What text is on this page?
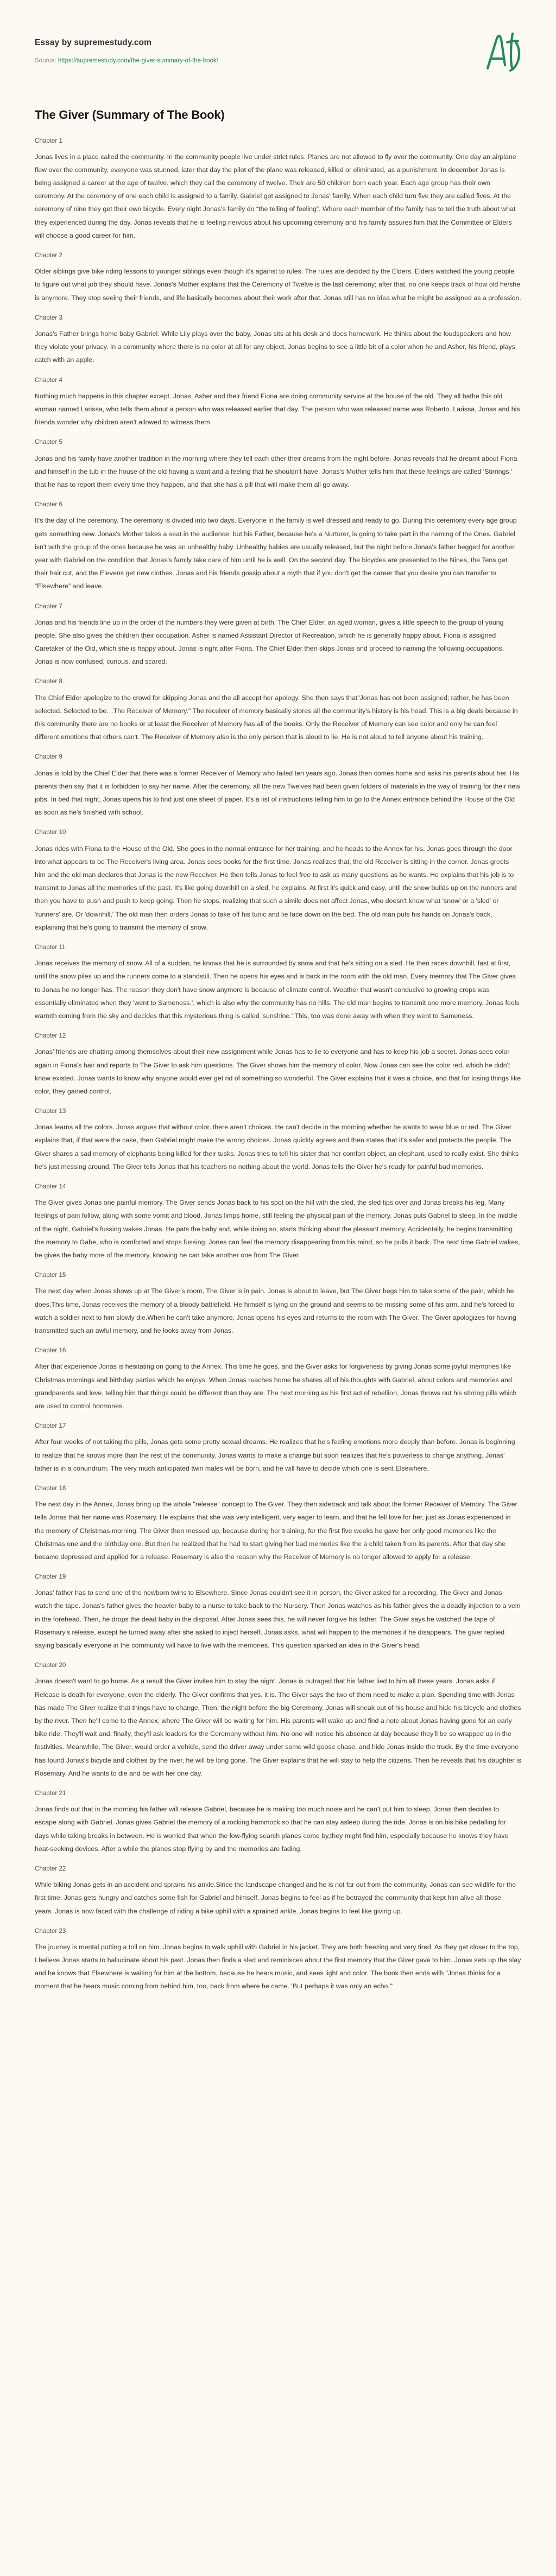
Essay by supremestudy.com
Source: https://supremestudy.com/the-giver-summary-of-the-book/
The Giver (Summary of The Book)
Chapter 1

Jonas lives in a place called the community. In the community people live under strict rules. Planes are not allowed to fly over the community. One day an airplane flew over the community, everyone was stunned, later that day the pilot of the plane was released, killed or eliminated, as a punishment. In december Jonas is being assigned a career at the age of twelve, which they call the ceremony of twelve. Their are 50 children born each year. Each age group has their own ceremony. At the ceremony of one each child is assigned to a family. Gabriel got assigned to Jonas' family. When each child turn five they are called fives. At the ceremony of nine they get their own bicycle. Every night Jonas's family do “the telling of feeling”. Where each member of the family has to tell the truth about what they experienced during the day. Jonas reveals that he is feeling nervous about his upcoming ceremony and his family assures him that the Committee of Elders will choose a good career for him.

Chapter 2

Older siblings give bike riding lessons to younger siblings even though it's against to rules. The rules are decided by the Elders. Elders watched the young people to figure out what job they should have. Jonas's Mother explains that the Ceremony of Twelve is the last ceremony; after that, no one keeps track of how old he/she is anymore. They stop seeing their friends, and life basically becomes about their work after that. Jonas still has no idea what he might be assigned as a profession.

Chapter 3

Jonas's Father brings home baby Gabriel. While Lily plays over the baby, Jonas sits at his desk and does homework. He thinks about the loudspeakers and how they violate your privacy. In a community where there is no color at all for any object, Jonas begins to see a little bit of a color when he and Asher, his friend, plays catch with an apple.

Chapter 4

Nothing much happens in this chapter except. Jonas, Asher and their friend Fiona are doing community service at the house of the old. They all bathe this old woman named Larissa, who tells them about a person who was released earlier that day. The person who was released name was Roberto. Larissa, Jonas and his friends wonder why children aren't allowed to witness them.

Chapter 5

Jonas and his family have another tradition in the morning where they tell each other their dreams from the night before. Jonas reveals that he dreamt about Fiona and himself in the tub in the house of the old having a want and a feeling that he shouldn't have. Jonas's Mother tells him that these feelings are called 'Stirrings,' that he has to report them every time they happen, and that she has a pill that will make them all go away.

Chapter 6

It's the day of the ceremony. The ceremony is divided into two days. Everyone in the family is well dressed and ready to go. During this ceremony every age group gets something new. Jonas's Mother takes a seat in the audience, but his Father, because he's a Nurturer, is going to take part in the naming of the Ones. Gabriel isn't with the group of the ones because he was an unhealthy baby. Unhealthy babies are usually released, but the night before Jonas's father begged for another year with Gabriel on the condition that Jonas's family take care of him until he is well. On the second day. The bicycles are presented to the Nines, the Tens get their hair cut, and the Elevens get new clothes. Jonas and his friends gossip about a myth that if you don't get the career that you desire you can transfer to “Elsewhere” and leave.

Chapter 7

Jonas and his friends line up in the order of the numbers they were given at birth. The Chief Elder, an aged woman, gives a little speech to the group of young people. She also gives the children their occupation. Asher is named Assistant Director of Recreation, which he is generally happy about. Fiona is assigned Caretaker of the Old, which she is happy about. Jonas is right after Fiona. The Chief Elder then skips Jonas and proceed to naming the following occupations. Jonas is now confused, curious, and scared.

Chapter 8

The Chief Elder apologize to the crowd for skipping Jonas and the all accept her apology. She then says that"Jonas has not been assigned; rather, he has been selected. Selected to be…The Receiver of Memory." The receiver of memory basically stores all the community's history is his head. This is a big deals because in this community there are no books or at least the Receiver of Memory has all of the books. Only the Receiver of Memory can see color and only he can feel different emotions that others can't. The Receiver of Memory also is the only person that is aloud to lie. He is not aloud to tell anyone about his training.

Chapter 9

Jonas is told by the Chief Elder that there was a former Receiver of Memory who failed ten years ago. Jonas then comes home and asks his parents about her. His parents then say that it is forbidden to say her name. After the ceremony, all the new Twelves had been given folders of materials in the way of training for their new jobs. In bed that night, Jonas opens his to find just one sheet of paper. It's a list of instructions telling him to go to the Annex entrance behind the House of the Old as soon as he's finished with school.

Chapter 10

Jonas rides with Fiona to the House of the Old. She goes in the normal entrance for her training, and he heads to the Annex for his. Jonas goes through the door into what appears to be The Receiver's living area. Jonas sees books for the first time. Jonas realizes that, the old Receiver is sitting in the corner. Jonas greets him and the old man declares that Jonas is the new Receiver. He then tells Jonas to feel free to ask as many questions as he wants. He explains that his job is to transmit to Jonas all the memories of the past. It's like going downhill on a sled, he explains. At first it's quick and easy, until the snow builds up on the runners and then you have to push and push to keep going. Then he stops, realizing that such a simile does not affect Jonas, who doesn't know what 'snow' or a 'sled' or 'runners' are. Or 'downhill,' The old man then orders Jonas to take off his tunic and lie face down on the bed. The old man puts his hands on Jonas's back, explaining that he's going to transmit the memory of snow.

Chapter 11

Jonas receives the memory of snow. All of a sudden, he knows that he is surrounded by snow and that he's sitting on a sled. He then races downhill, fast at first, until the snow piles up and the runners come to a standstill. Then he opens his eyes and is back in the room with the old man. Every memory that The Giver gives to Jonas he no longer has. The reason they don't have snow anymore is because of climate control. Weather that wasn't conducive to growing crops was essentially eliminated when they 'went to Sameness.', which is also why the community has no hills. The old man begins to transmit one more memory. Jonas feels warmth coming from the sky and decides that this mysterious thing is called 'sunshine.' This, too was done away with when they went to Sameness.

Chapter 12

Jonas' friends are chatting among themselves about their new assignment while Jonas has to lie to everyone and has to keep his job a secret. Jonas sees color again in Fiona's hair and reports to The Giver to ask him questions. The Giver shows him the memory of color. Now Jonas can see the color red, which he didn't know existed. Jonas wants to know why anyone would ever get rid of something so wonderful. The Giver explains that it was a choice, and that for losing things like color, they gained control.

Chapter 13

Jonas learns all the colors. Jonas argues that without color, there aren't choices. He can't decide in the morning whether he wants to wear blue or red. The Giver explains that, if that were the case, then Gabriel might make the wrong choices. Jonas quickly agrees and then states that it's safer and protects the people. The Giver shares a sad memory of elephants being killed for their tusks. Jonas tries to tell his sister that her comfort object, an elephant, used to really exist. She thinks he's just messing around. The Giver tells Jonas that his teachers no nothing about the world. Jonas tells the Giver he's ready for painful bad memories.

Chapter 14

The Giver gives Jonas one painful memory. The Giver sends Jonas back to his spot on the hill with the sled, the sled tips over and Jonas breaks his leg. Many feelings of pain follow, along with some vomit and blood. Jonas limps home, still feeling the physical pain of the memory. Jonas puts Gabriel to sleep. In the middle of the night, Gabriel's fussing wakes Jonas. He pats the baby and, while doing so, starts thinking about the pleasant memory. Accidentally, he begins transmitting the memory to Gabe, who is comforted and stops fussing. Jones can feel the memory disappearing from his mind, so he pulls it back. The next time Gabriel wakes, he gives the baby more of the memory, knowing he can take another one from The Giver.

Chapter 15

The next day when Jonas shows up at The Giver's room, The Giver is in pain. Jonas is about to leave, but The Giver begs him to take some of the pain, which he does.This time, Jonas receives the memory of a bloody battlefield. He himself is lying on the ground and seems to be missing some of his arm, and he's forced to watch a soldier next to him slowly die.When he can't take anymore, Jonas opens his eyes and returns to the room with The Giver. The Giver apologizes for having transmitted such an awful memory, and he looks away from Jonas.

Chapter 16

After that experience Jonas is hesitating on going to the Annex. This time he goes, and the Giver asks for forgiveness by giving Jonas some joyful memories like Christmas mornings and birthday parties which he enjoys. When Jonas reaches home he shares all of his thoughts with Gabriel, about colors and memories and grandparents and love, telling him that things could be different than they are. The next morning as his first act of rebellion, Jonas throws out his stirring pills which are used to control hormones.

Chapter 17

After four weeks of not taking the pills, Jonas gets some pretty sexual dreams. He realizes that he's feeling emotions more deeply than before. Jonas is beginning to realize that he knows more than the rest of the community. Jonas wants to make a change but soon realizes that he's powerless to change anything. Jonas' father is in a conundrum. The very much anticipated twin males will be born, and he will have to decide which one is sent Elsewhere.

Chapter 18

The next day in the Annex, Jonas bring up the whole "release" concept to The Giver. They then sidetrack and talk about the former Receiver of Memory. The Giver tells Jonas that her name was Rosemary. He explains that she was very intelligent, very eager to learn, and that he fell love for her, just as Jonas experienced in the memory of Christmas morning. The Giver then messed up, because during her training, for the first five weeks he gave her only good memories like the Christmas one and the birthday one. But then he realized that he had to start giving her bad memories like the a child taken from its parents. After that day she became depressed and applied for a release. Rosemary is also the reason why the Receiver of Memory is no longer allowed to apply for a release.

Chapter 19

Jonas' father has to send one of the newborn twins to Elsewhere. Since Jonas couldn't see it in person, the Giver asked for a recording. The Giver and Jonas watch the tape. Jonas's father gives the heavier baby to a nurse to take back to the Nursery. Then Jonas watches as his father gives the a deadly injection to a vein in the forehead. Then, he drops the dead baby in the disposal. After Jonas sees this, he will never forgive his father. The Giver says he watched the tape of Rosemary's release, except he turned away after she asked to inject herself. Jonas asks, what will happen to the memories if he disappears. The giver replied saying basically everyone in the community will have to live with the memories. This question sparked an idea in the Giver's head.

Chapter 20

Jonas doesn't want to go home. As a result the Giver invites him to stay the night. Jonas is outraged that his father lied to him all these years. Jonas asks if Release is death for everyone, even the elderly. The Giver confirms that yes, it is. The Giver says the two of them need to make a plan. Spending time with Jonas has made The Giver realize that things have to change. Then, the night before the big Ceremony, Jonas will sneak out of his house and hide his bicycle and clothes by the river. Then he'll come to the Annex, where The Giver will be waiting for him. His parents will wake up and find a note about Jonas having gone for an early bike ride. They'll wait and, finally, they'll ask leaders for the Ceremony without him. No one will notice his absence at day because they'll be so wrapped up in the festivities. Meanwhile, The Giver, would order a vehicle, send the driver away under some wild goose chase, and hide Jonas inside the truck. By the time everyone has found Jonas's bicycle and clothes by the river, he will be long gone. The Giver explains that he will stay to help the citizens. Then he reveals that his daughter is Rosemary. And he wants to die and be with her one day.

Chapter 21

Jonas finds out that in the morning his father will release Gabriel, because he is making too much noise and he can't put him to sleep. Jonas then decides to escape along with Gabriel. Jonas gives Gabriel the memory of a rocking hammock so that he can stay asleep during the ride. Jonas is on his bike pedalling for days while taking breaks in between. He is worried that when the low-flying search planes come by,they might find him, especially because he knows they have heat-seeking devices. After a while the planes stop flying by and the memories are fading.

Chapter 22

While biking Jonas gets in an accident and sprains his ankle.Since the landscape changed and he is not far out from the community, Jonas can see wildlife for the first time. Jonas gets hungry and catches some fish for Gabriel and himself. Jonas begins to feel as if he betrayed the community that kept him alive all those years. Jonas is now faced with the challenge of riding a bike uphill with a sprained ankle. Jonas begins to feel like giving up.

Chapter 23

The journey is mental putting a toll on him. Jonas begins to walk uphill with Gabriel in his jacket. They are both freezing and very tired. As they get closer to the top, I believe Jonas starts to hallucinate about his past. Jonas then finds a sled and reminisces about the first memory that the Giver gave to him. Jonas sets up the slay and he knows that Elsewhere is waiting for him at the bottom, because he hears music, and sees light and color. The book then ends with “Jonas thinks for a moment that he hears music coming from behind him, too, back from where he came. 'But perhaps it was only an echo.'”
